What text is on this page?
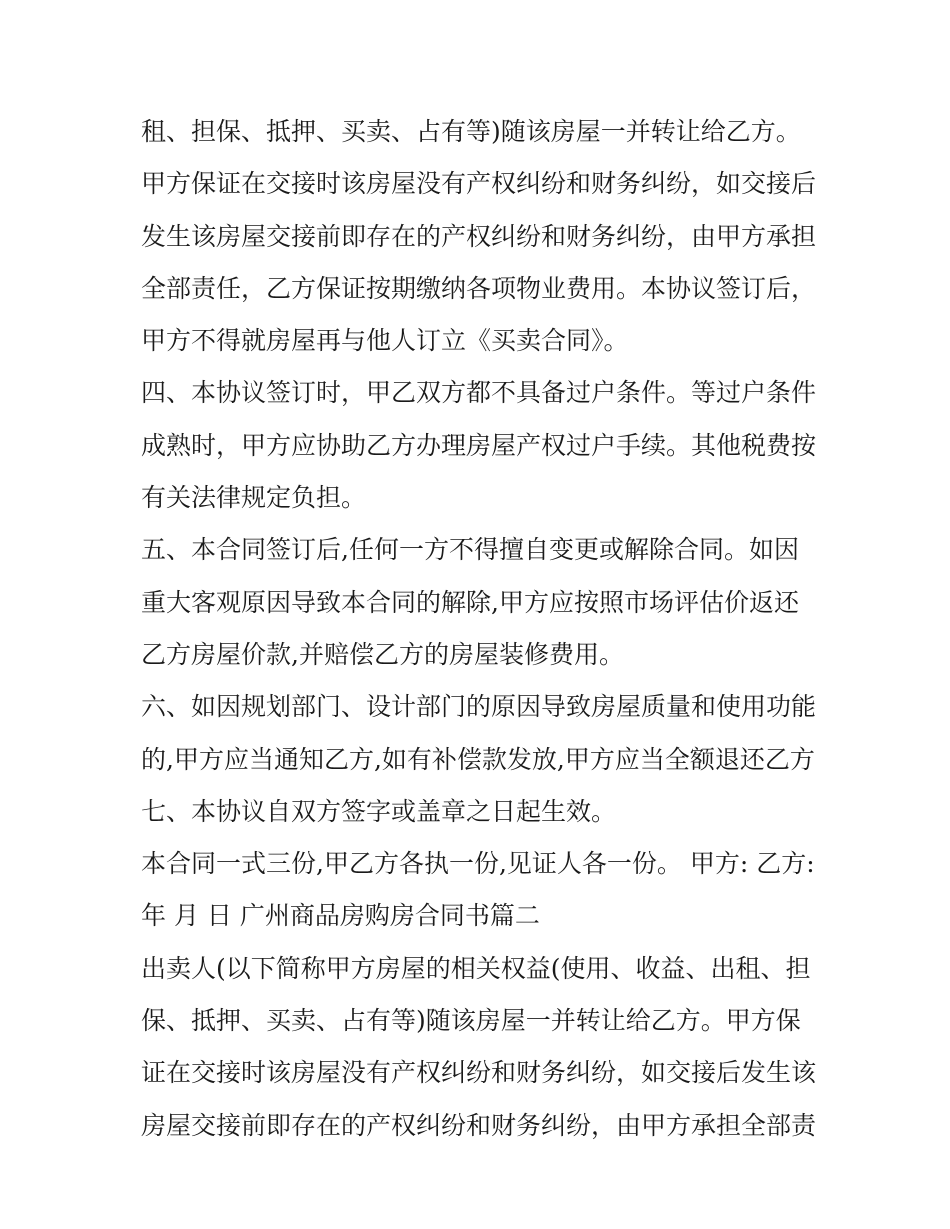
租、担保、抵押、买卖、占有等)随该房屋一并转让给乙方。
甲方保证在交接时该房屋没有产权纠纷和财务纠纷，如交接后
发生该房屋交接前即存在的产权纠纷和财务纠纷，由甲方承担
全部责任，乙方保证按期缴纳各项物业费用。本协议签订后，
甲方不得就房屋再与他人订立《买卖合同》。
四、本协议签订时，甲乙双方都不具备过户条件。等过户条件
成熟时，甲方应协助乙方办理房屋产权过户手续。其他税费按
有关法律规定负担。
五、本合同签订后,任何一方不得擅自变更或解除合同。如因
重大客观原因导致本合同的解除,甲方应按照市场评估价返还
乙方房屋价款,并赔偿乙方的房屋装修费用。
六、如因规划部门、设计部门的原因导致房屋质量和使用功能
的,甲方应当通知乙方,如有补偿款发放,甲方应当全额退还乙方
七、本协议自双方签字或盖章之日起生效。
本合同一式三份,甲乙方各执一份,见证人各一份。 甲方: 乙方:
年 月 日 广州商品房购房合同书篇二
出卖人(以下简称甲方房屋的相关权益(使用、收益、出租、担
保、抵押、买卖、占有等)随该房屋一并转让给乙方。甲方保
证在交接时该房屋没有产权纠纷和财务纠纷，如交接后发生该
房屋交接前即存在的产权纠纷和财务纠纷，由甲方承担全部责
